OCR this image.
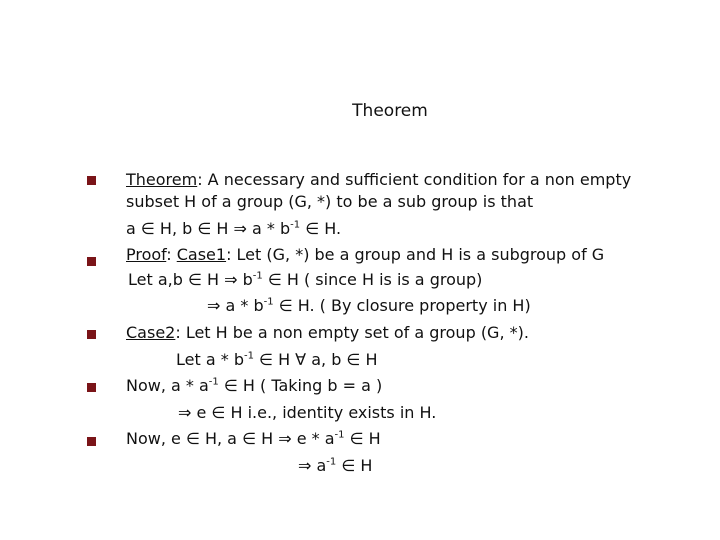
Theorem
Theorem: A necessary and sufficient condition for a non empty
subset H of a group (G, *) to be a sub group is that
a ∈ H, b ∈ H ⇒ a * $b^{-1}$ ∈ H.
Proof: Case1: Let (G, *) be a group and H is a subgroup of G
Let a,b ∈ H ⇒ $b^{-1}$ ∈ H ( since H is is a group)
⇒ a * $b^{-1}$ ∈ H. ( By closure property in H)
Case2: Let H be a non empty set of a group (G, *).
Let a * $b^{-1}$ ∈ H ∀ a, b ∈ H
Now, a * $a^{-1}$ ∈ H ( Taking b = a )
⇒ e ∈ H i.e., identity exists in H.
Now, e ∈ H, a ∈ H ⇒ e * $a^{-1}$ ∈ H
⇒ $a^{-1}$ ∈ H
